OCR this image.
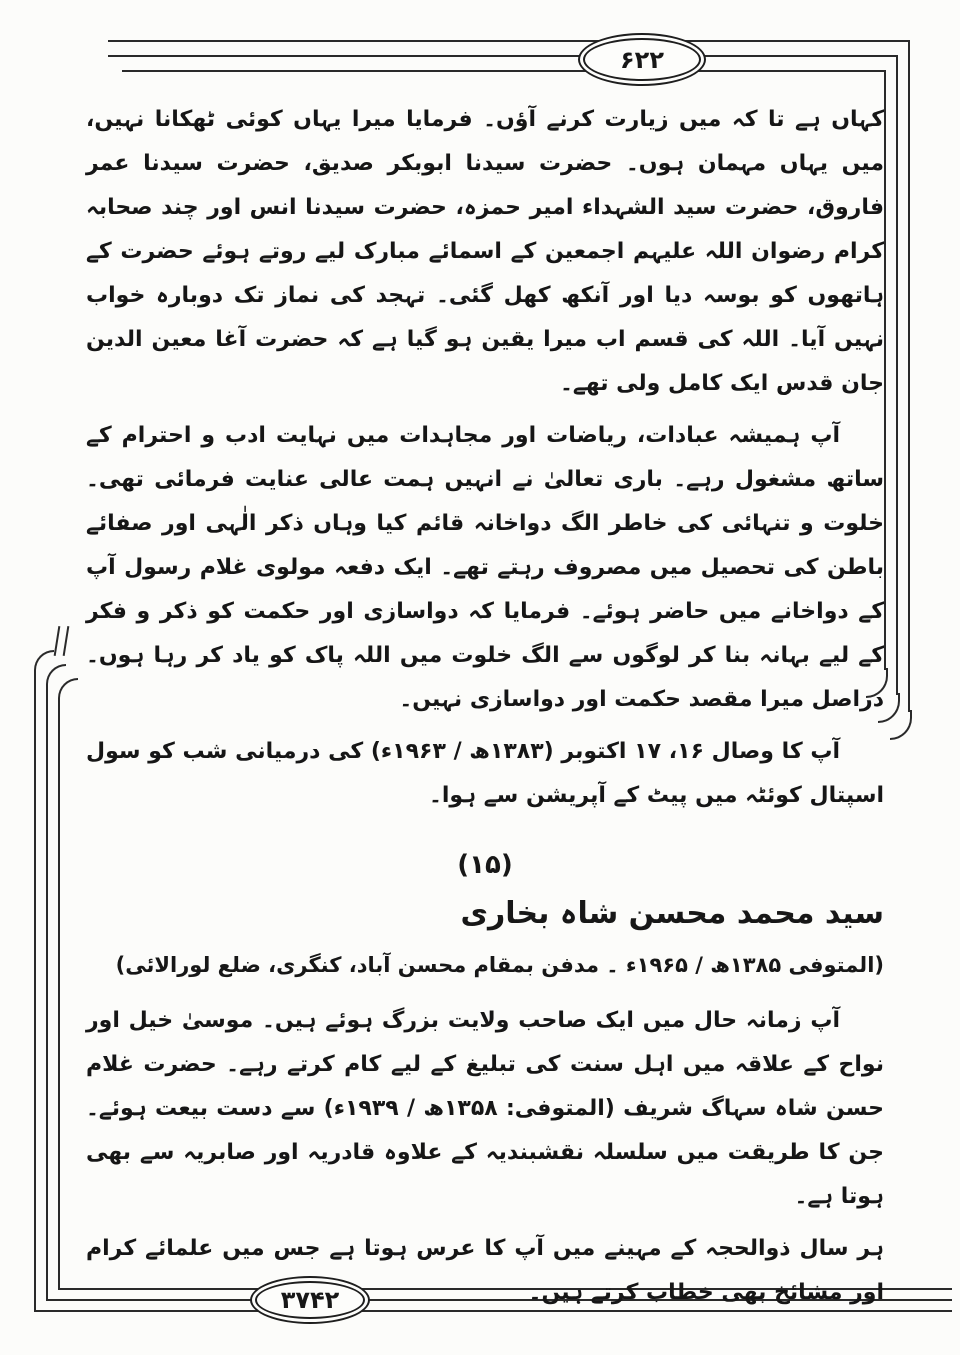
۶۲۲
۳۷۴۲

کہاں ہے تا کہ میں زیارت کرنے آؤں۔ فرمایا میرا یہاں کوئی ٹھکانا نہیں، میں یہاں مہمان ہوں۔ حضرت سیدنا ابوبکر صدیق، حضرت سیدنا عمر فاروق، حضرت سید الشہداء امیر حمزہ، حضرت سیدنا انس اور چند صحابہ کرام رضوان اللہ علیہم اجمعین کے اسمائے مبارک لیے روتے ہوئے حضرت کے ہاتھوں کو بوسہ دیا اور آنکھ کھل گئی۔ تہجد کی نماز تک دوبارہ خواب نہیں آیا۔ اللہ کی قسم اب میرا یقین ہو گیا ہے کہ حضرت آغا معین الدین جان قدس ایک کامل ولی تھے۔

آپ ہمیشہ عبادات، ریاضات اور مجاہدات میں نہایت ادب و احترام کے ساتھ مشغول رہے۔ باری تعالیٰ نے انہیں ہمت عالی عنایت فرمائی تھی۔ خلوت و تنہائی کی خاطر الگ دواخانہ قائم کیا وہاں ذکر الٰہی اور صفائے باطن کی تحصیل میں مصروف رہتے تھے۔ ایک دفعہ مولوی غلام رسول آپ کے دواخانے میں حاضر ہوئے۔ فرمایا کہ دواسازی اور حکمت کو ذکر و فکر کے لیے بہانہ بنا کر لوگوں سے الگ خلوت میں اللہ پاک کو یاد کر رہا ہوں۔ دراصل میرا مقصد حکمت اور دواسازی نہیں۔

آپ کا وصال ۱۶، ۱۷ اکتوبر (۱۳۸۳ھ / ۱۹۶۳ء) کی درمیانی شب کو سول اسپتال کوئٹہ میں پیٹ کے آپریشن سے ہوا۔

(۱۵)
سید محمد محسن شاہ بخاری
(المتوفی ۱۳۸۵ھ / ۱۹۶۵ء ۔ مدفن بمقام محسن آباد، کنگری، ضلع لورالائی)

آپ زمانہ حال میں ایک صاحب ولایت بزرگ ہوئے ہیں۔ موسیٰ خیل اور نواح کے علاقہ میں اہل سنت کی تبلیغ کے لیے کام کرتے رہے۔ حضرت غلام حسن شاہ سہاگ شریف (المتوفی: ۱۳۵۸ھ / ۱۹۳۹ء) سے دست بیعت ہوئے۔ جن کا طریقت میں سلسلہ نقشبندیہ کے علاوہ قادریہ اور صابریہ سے بھی ہوتا ہے۔

ہر سال ذوالحجہ کے مہینے میں آپ کا عرس ہوتا ہے جس میں علمائے کرام اور مشائخ بھی خطاب کرتے ہیں۔
